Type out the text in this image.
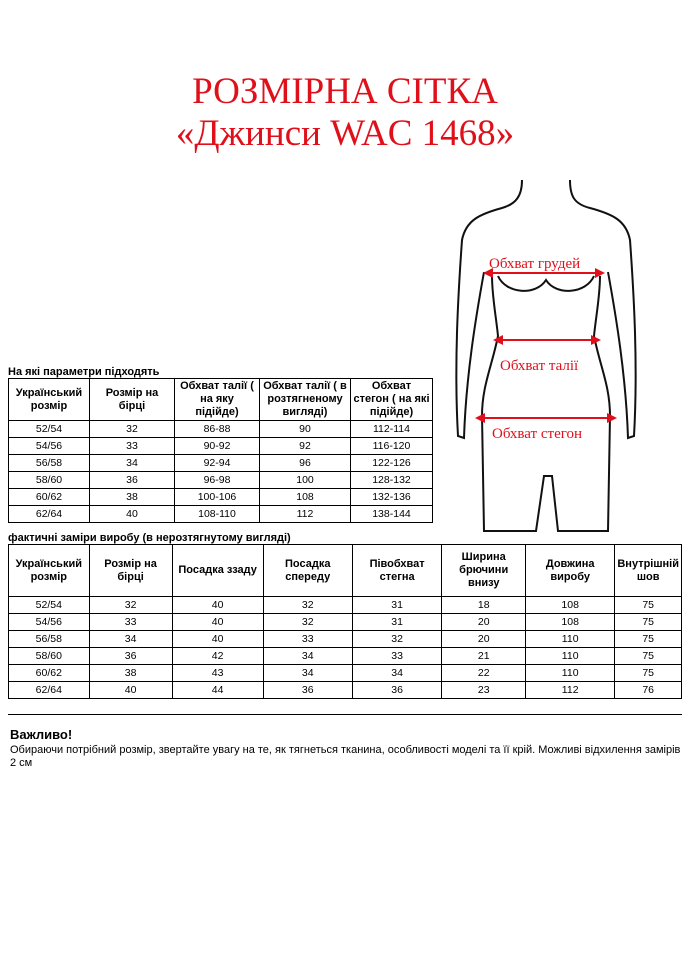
РОЗМІРНА СІТКА
«Джинси WAC 1468»
Обхват грудей
Обхват талії
Обхват стегон
На які параметри підходять
Український розмір	Розмір на бірці	Обхват талії ( на яку підійде)	Обхват талії ( в розтягненому вигляді)	Обхват стегон ( на які підійде)
52/54	32	86-88	90	112-114
54/56	33	90-92	92	116-120
56/58	34	92-94	96	122-126
58/60	36	96-98	100	128-132
60/62	38	100-106	108	132-136
62/64	40	108-110	112	138-144
фактичні заміри виробу (в нерозтягнутому вигляді)
Український розмір	Розмір на бірці	Посадка ззаду	Посадка спереду	Півобхват стегна	Ширина брючини внизу	Довжина виробу	Внутрішній шов
52/54	32	40	32	31	18	108	75
54/56	33	40	32	31	20	108	75
56/58	34	40	33	32	20	110	75
58/60	36	42	34	33	21	110	75
60/62	38	43	34	34	22	110	75
62/64	40	44	36	36	23	112	76
Важливо!
Обираючи потрібний розмір, звертайте увагу на те, як тягнеться тканина, особливості моделі та її крій. Можливі відхилення замірів 2 см
